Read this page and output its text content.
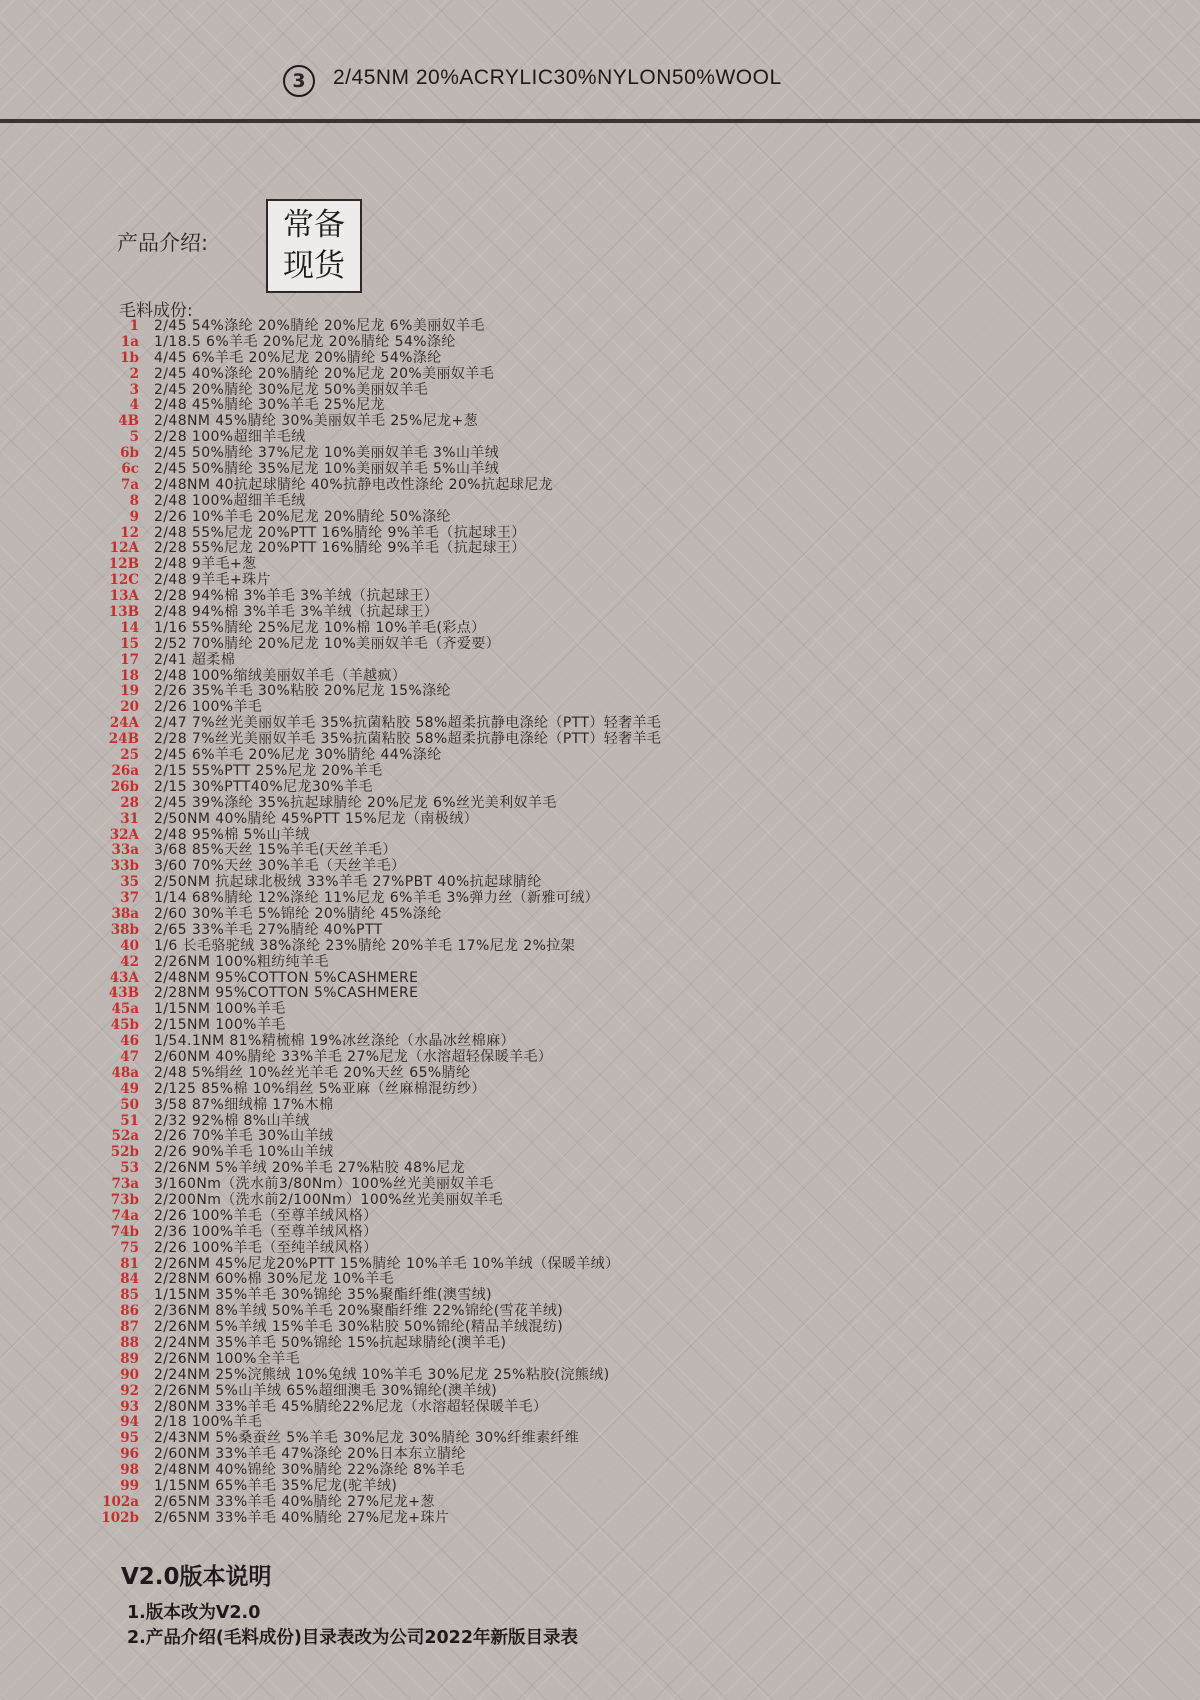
3	2/45NM 20%ACRYLIC30%NYLON50%WOOL
产品介绍:	常备
现货
毛料成份:
1 2/45 54%涤纶 20%腈纶 20%尼龙 6%美丽奴羊毛
1a 1/18.5 6%羊毛 20%尼龙 20%腈纶 54%涤纶
1b 4/45 6%羊毛 20%尼龙 20%腈纶 54%涤纶
2 2/45 40%涤纶 20%腈纶 20%尼龙 20%美丽奴羊毛
3 2/45 20%腈纶 30%尼龙 50%美丽奴羊毛
4 2/48 45%腈纶 30%羊毛 25%尼龙
4B 2/48NM 45%腈纶 30%美丽奴羊毛 25%尼龙+葱
5 2/28 100%超细羊毛绒
6b 2/45 50%腈纶 37%尼龙 10%美丽奴羊毛 3%山羊绒
6c 2/45 50%腈纶 35%尼龙 10%美丽奴羊毛 5%山羊绒
7a 2/48NM 40抗起球腈纶 40%抗静电改性涤纶 20%抗起球尼龙
8 2/48 100%超细羊毛绒
9 2/26 10%羊毛 20%尼龙 20%腈纶 50%涤纶
12 2/48 55%尼龙 20%PTT 16%腈纶 9%羊毛（抗起球王）
12A 2/28 55%尼龙 20%PTT 16%腈纶 9%羊毛（抗起球王）
12B 2/48 9羊毛+葱
12C 2/48 9羊毛+珠片
13A 2/28 94%棉 3%羊毛 3%羊绒（抗起球王）
13B 2/48 94%棉 3%羊毛 3%羊绒（抗起球王）
14 1/16 55%腈纶 25%尼龙 10%棉 10%羊毛(彩点）
15 2/52 70%腈纶 20%尼龙 10%美丽奴羊毛（齐爱要）
17 2/41 超柔棉
18 2/48 100%缩绒美丽奴羊毛（羊越疯）
19 2/26 35%羊毛 30%粘胶 20%尼龙 15%涤纶
20 2/26 100%羊毛
24A 2/47 7%丝光美丽奴羊毛 35%抗菌粘胶 58%超柔抗静电涤纶（PTT）轻奢羊毛
24B 2/28 7%丝光美丽奴羊毛 35%抗菌粘胶 58%超柔抗静电涤纶（PTT）轻奢羊毛
25 2/45 6%羊毛 20%尼龙 30%腈纶 44%涤纶
26a 2/15 55%PTT 25%尼龙 20%羊毛
26b 2/15 30%PTT40%尼龙30%羊毛
28 2/45 39%涤纶 35%抗起球腈纶 20%尼龙 6%丝光美利奴羊毛
31 2/50NM 40%腈纶 45%PTT 15%尼龙（南极绒）
32A 2/48 95%棉 5%山羊绒
33a 3/68 85%天丝 15%羊毛(天丝羊毛）
33b 3/60 70%天丝 30%羊毛（天丝羊毛）
35 2/50NM 抗起球北极绒 33%羊毛 27%PBT 40%抗起球腈纶
37 1/14 68%腈纶 12%涤纶 11%尼龙 6%羊毛 3%弹力丝（新雅可绒）
38a 2/60 30%羊毛 5%锦纶 20%腈纶 45%涤纶
38b 2/65 33%羊毛 27%腈纶 40%PTT
40 1/6 长毛骆驼绒 38%涤纶 23%腈纶 20%羊毛 17%尼龙 2%拉架
42 2/26NM 100%粗纺纯羊毛
43A 2/48NM 95%COTTON 5%CASHMERE
43B 2/28NM 95%COTTON 5%CASHMERE
45a 1/15NM 100%羊毛
45b 2/15NM 100%羊毛
46 1/54.1NM 81%精梳棉 19%冰丝涤纶（水晶冰丝棉麻）
47 2/60NM 40%腈纶 33%羊毛 27%尼龙（水溶超轻保暖羊毛）
48a 2/48 5%绢丝 10%丝光羊毛 20%天丝 65%腈纶
49 2/125 85%棉 10%绢丝 5%亚麻（丝麻棉混纺纱）
50 3/58 87%细绒棉 17%木棉
51 2/32 92%棉 8%山羊绒
52a 2/26 70%羊毛 30%山羊绒
52b 2/26 90%羊毛 10%山羊绒
53 2/26NM 5%羊绒 20%羊毛 27%粘胶 48%尼龙
73a 3/160Nm（洗水前3/80Nm）100%丝光美丽奴羊毛
73b 2/200Nm（洗水前2/100Nm）100%丝光美丽奴羊毛
74a 2/26 100%羊毛（至尊羊绒风格）
74b 2/36 100%羊毛（至尊羊绒风格）
75 2/26 100%羊毛（至纯羊绒风格）
81 2/26NM 45%尼龙20%PTT 15%腈纶 10%羊毛 10%羊绒（保暖羊绒）
84 2/28NM 60%棉 30%尼龙 10%羊毛
85 1/15NM 35%羊毛 30%锦纶 35%聚酯纤维(澳雪绒)
86 2/36NM 8%羊绒 50%羊毛 20%聚酯纤维 22%锦纶(雪花羊绒)
87 2/26NM 5%羊绒 15%羊毛 30%粘胶 50%锦纶(精品羊绒混纺)
88 2/24NM 35%羊毛 50%锦纶 15%抗起球腈纶(澳羊毛)
89 2/26NM 100%全羊毛
90 2/24NM 25%浣熊绒 10%兔绒 10%羊毛 30%尼龙 25%粘胶(浣熊绒)
92 2/26NM 5%山羊绒 65%超细澳毛 30%锦纶(澳羊绒)
93 2/80NM 33%羊毛 45%腈纶22%尼龙（水溶超轻保暖羊毛）
94 2/18 100%羊毛
95 2/43NM 5%桑蚕丝 5%羊毛 30%尼龙 30%腈纶 30%纤维素纤维
96 2/60NM 33%羊毛 47%涤纶 20%日本东立腈纶
98 2/48NM 40%锦纶 30%腈纶 22%涤纶 8%羊毛
99 1/15NM 65%羊毛 35%尼龙(驼羊绒)
102a 2/65NM 33%羊毛 40%腈纶 27%尼龙+葱
102b 2/65NM 33%羊毛 40%腈纶 27%尼龙+珠片
V2.0版本说明
1.版本改为V2.0
2.产品介绍(毛料成份)目录表改为公司2022年新版目录表
